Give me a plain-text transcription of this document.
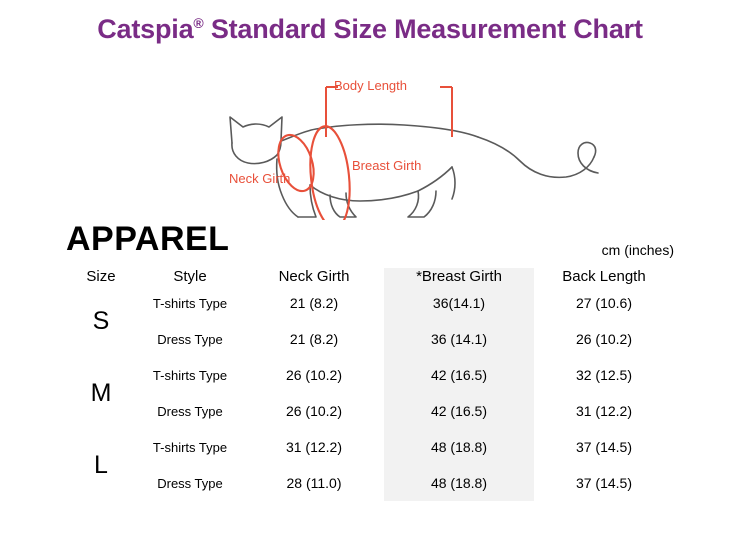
Catspia® Standard Size Measurement Chart
Body Length
Neck Girth
Breast Girth
APPAREL	cm (inches)
Size	Style	Neck Girth	*Breast Girth	Back Length
S	T-shirts Type	21 (8.2)	36(14.1)	27 (10.6)
	Dress Type	21 (8.2)	36 (14.1)	26 (10.2)
M	T-shirts Type	26 (10.2)	42 (16.5)	32 (12.5)
	Dress Type	26 (10.2)	42 (16.5)	31 (12.2)
L	T-shirts Type	31 (12.2)	48 (18.8)	37 (14.5)
	Dress Type	28 (11.0)	48 (18.8)	37 (14.5)
